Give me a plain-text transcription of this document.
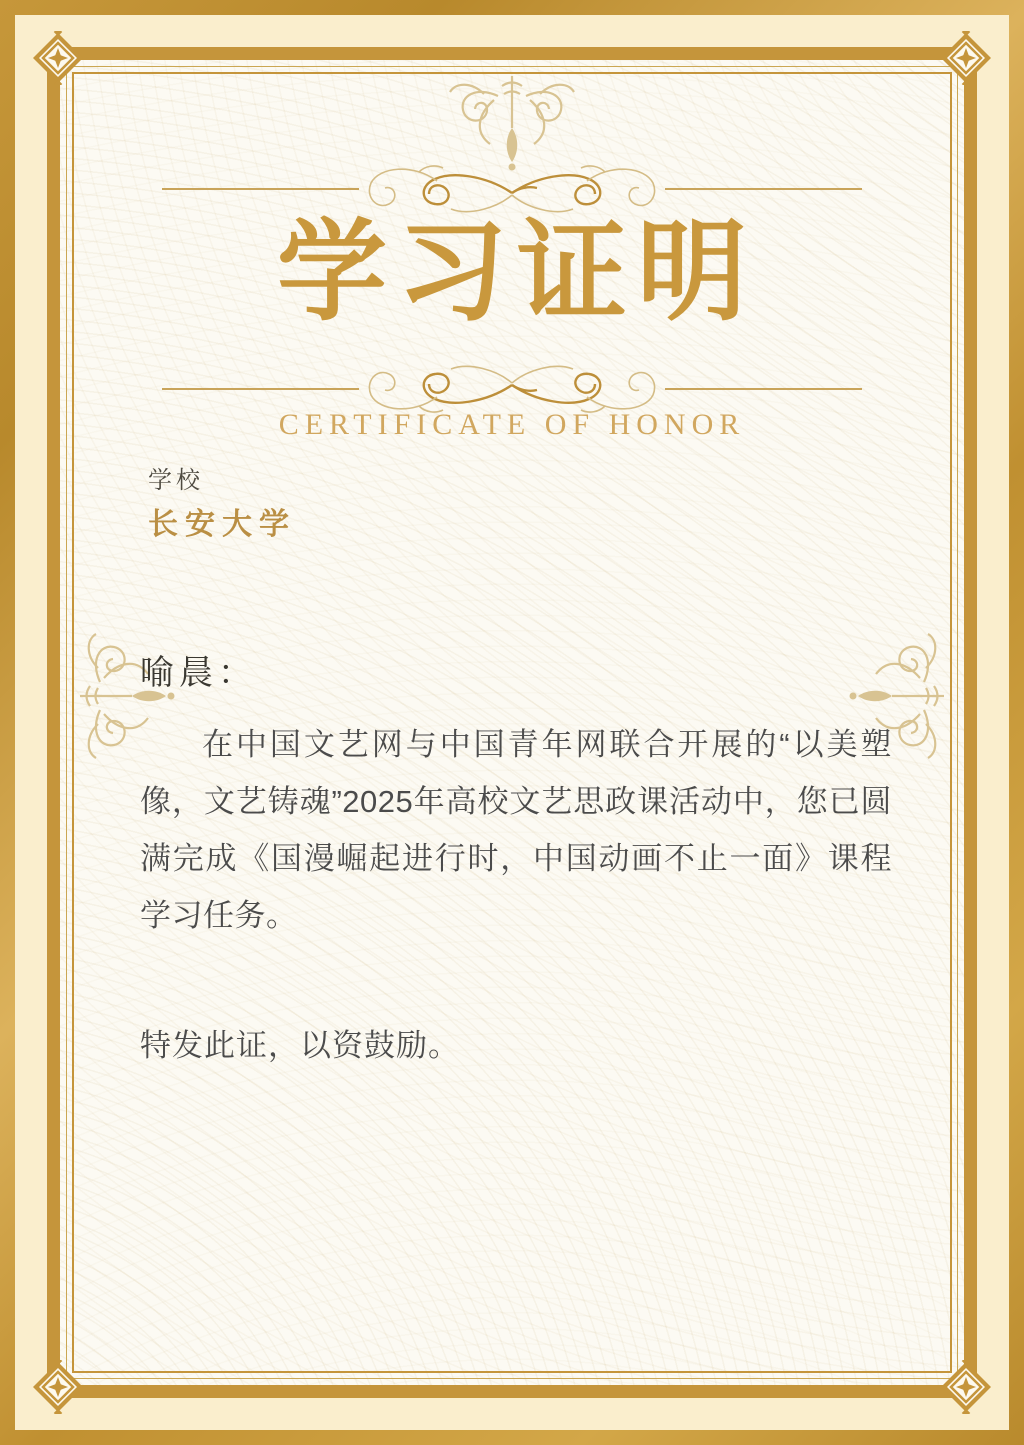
学习证明
CERTIFICATE OF HONOR
学校
长安大学
喻晨：
在中国文艺网与中国青年网联合开展的“以美塑像，文艺铸魂”2025年高校文艺思政课活动中，您已圆满完成《国漫崛起进行时，中国动画不止一面》课程学习任务。
特发此证，以资鼓励。
